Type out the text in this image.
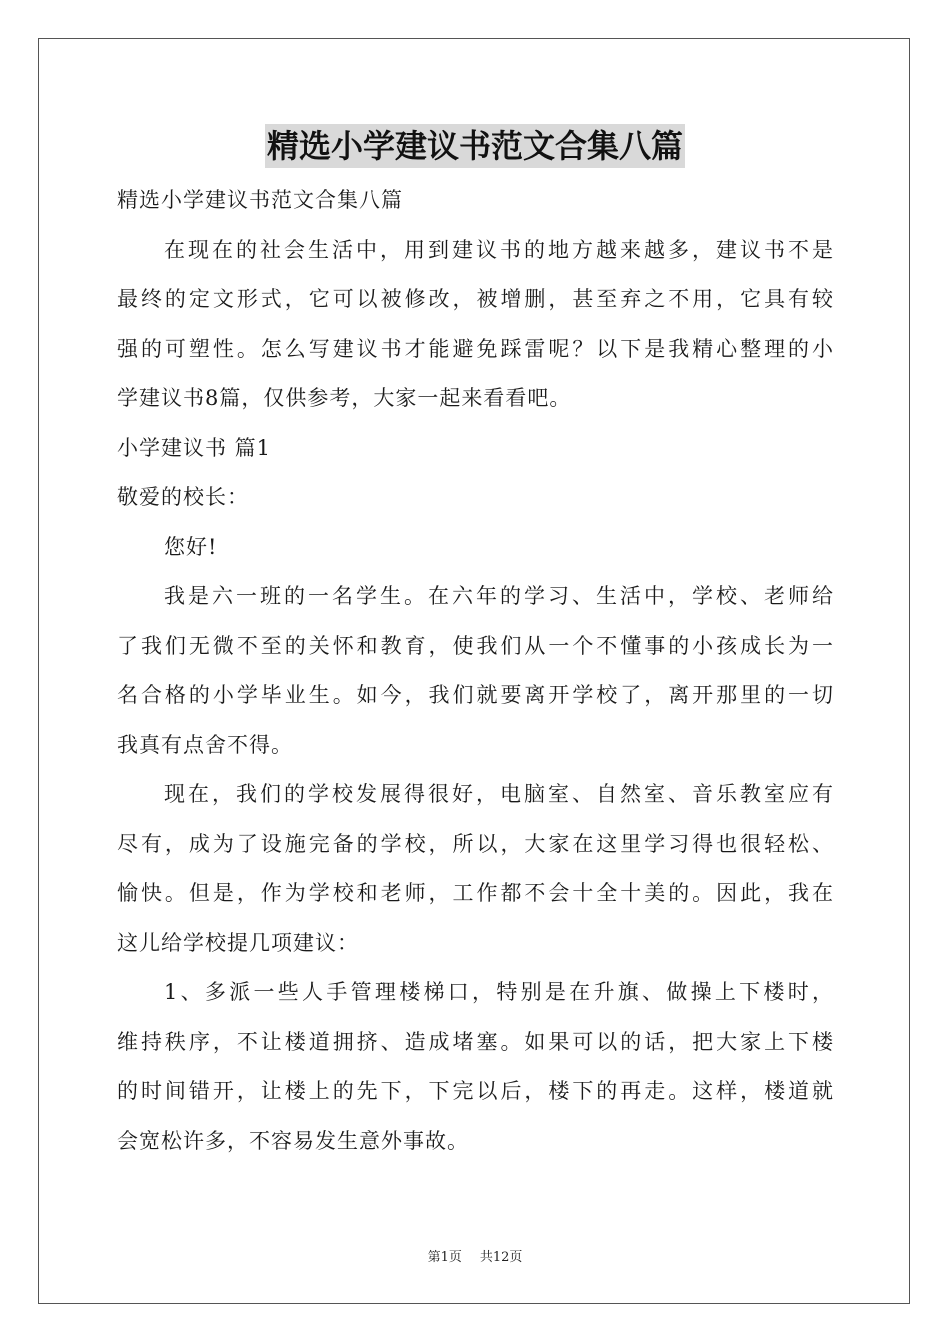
精选小学建议书范文合集八篇
精选小学建议书范文合集八篇
在现在的社会生活中，用到建议书的地方越来越多，建议书不是
最终的定文形式，它可以被修改，被增删，甚至弃之不用，它具有较
强的可塑性。怎么写建议书才能避免踩雷呢？以下是我精心整理的小
学建议书8篇，仅供参考，大家一起来看看吧。
小学建议书 篇1
敬爱的校长：
您好!
我是六一班的一名学生。在六年的学习、生活中，学校、老师给
了我们无微不至的关怀和教育，使我们从一个不懂事的小孩成长为一
名合格的小学毕业生。如今，我们就要离开学校了，离开那里的一切
我真有点舍不得。
现在，我们的学校发展得很好，电脑室、自然室、音乐教室应有
尽有，成为了设施完备的学校，所以，大家在这里学习得也很轻松、
愉快。但是，作为学校和老师，工作都不会十全十美的。因此，我在
这儿给学校提几项建议：
1、多派一些人手管理楼梯口，特别是在升旗、做操上下楼时，
维持秩序，不让楼道拥挤、造成堵塞。如果可以的话，把大家上下楼
的时间错开，让楼上的先下，下完以后，楼下的再走。这样，楼道就
会宽松许多，不容易发生意外事故。
第1页 共12页
